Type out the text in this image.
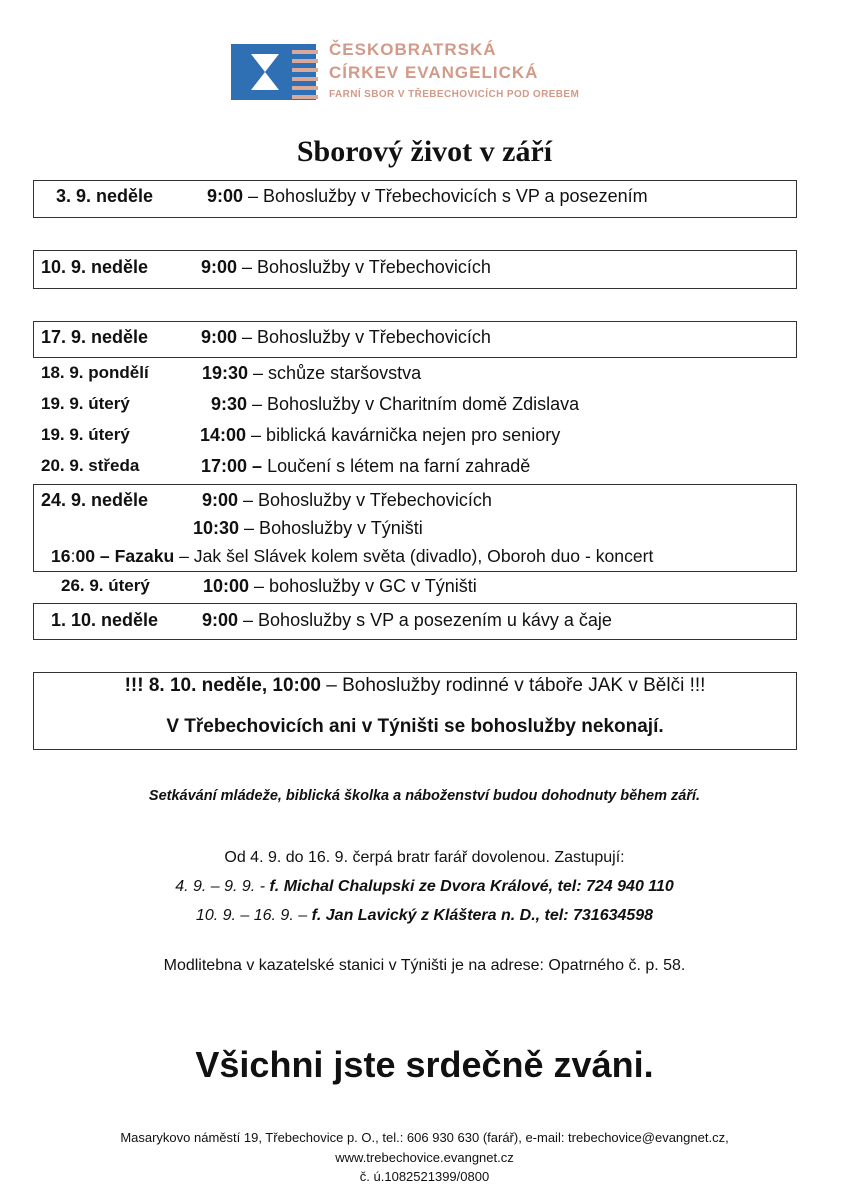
ČESKOBRATRSKÁ
CÍRKEV EVANGELICKÁ
FARNÍ SBOR V TŘEBECHOVICÍCH POD OREBEM
Sborový život v září
3. 9. neděle	9:00 – Bohoslužby v Třebechovicích s VP a posezením
10. 9. neděle	9:00 – Bohoslužby v Třebechovicích
17. 9. neděle	9:00 – Bohoslužby v Třebechovicích
18. 9. pondělí	19:30 – schůze staršovstva
19. 9. úterý	9:30 – Bohoslužby v Charitním domě Zdislava
19. 9. úterý	14:00 – biblická kavárnička nejen pro seniory
20. 9. středa	17:00 – Loučení s létem na farní zahradě
24. 9. neděle	9:00 – Bohoslužby v Třebechovicích
10:30 – Bohoslužby v Týništi
16:00 – Fazaku – Jak šel Slávek kolem světa (divadlo), Oboroh duo - koncert
26. 9. úterý	10:00 – bohoslužby v GC v Týništi
1. 10. neděle 9:00 – Bohoslužby s VP a posezením u kávy a čaje
!!! 8. 10. neděle, 10:00 – Bohoslužby rodinné v táboře JAK v Bělči !!!
V Třebechovicích ani v Týništi se bohoslužby nekonají.
Setkávání mládeže, biblická školka a náboženství budou dohodnuty během září.
Od 4. 9. do 16. 9. čerpá bratr farář dovolenou. Zastupují:
4. 9. – 9. 9. - f. Michal Chalupski ze Dvora Králové, tel: 724 940 110
10. 9. – 16. 9. – f. Jan Lavický z Kláštera n. D., tel: 731634598
Modlitebna v kazatelské stanici v Týništi je na adrese: Opatrného č. p. 58.
Všichni jste srdečně zváni.
Masarykovo náměstí 19, Třebechovice p. O., tel.: 606 930 630 (farář), e-mail: trebechovice@evangnet.cz,
www.trebechovice.evangnet.cz
č. ú.1082521399/0800
